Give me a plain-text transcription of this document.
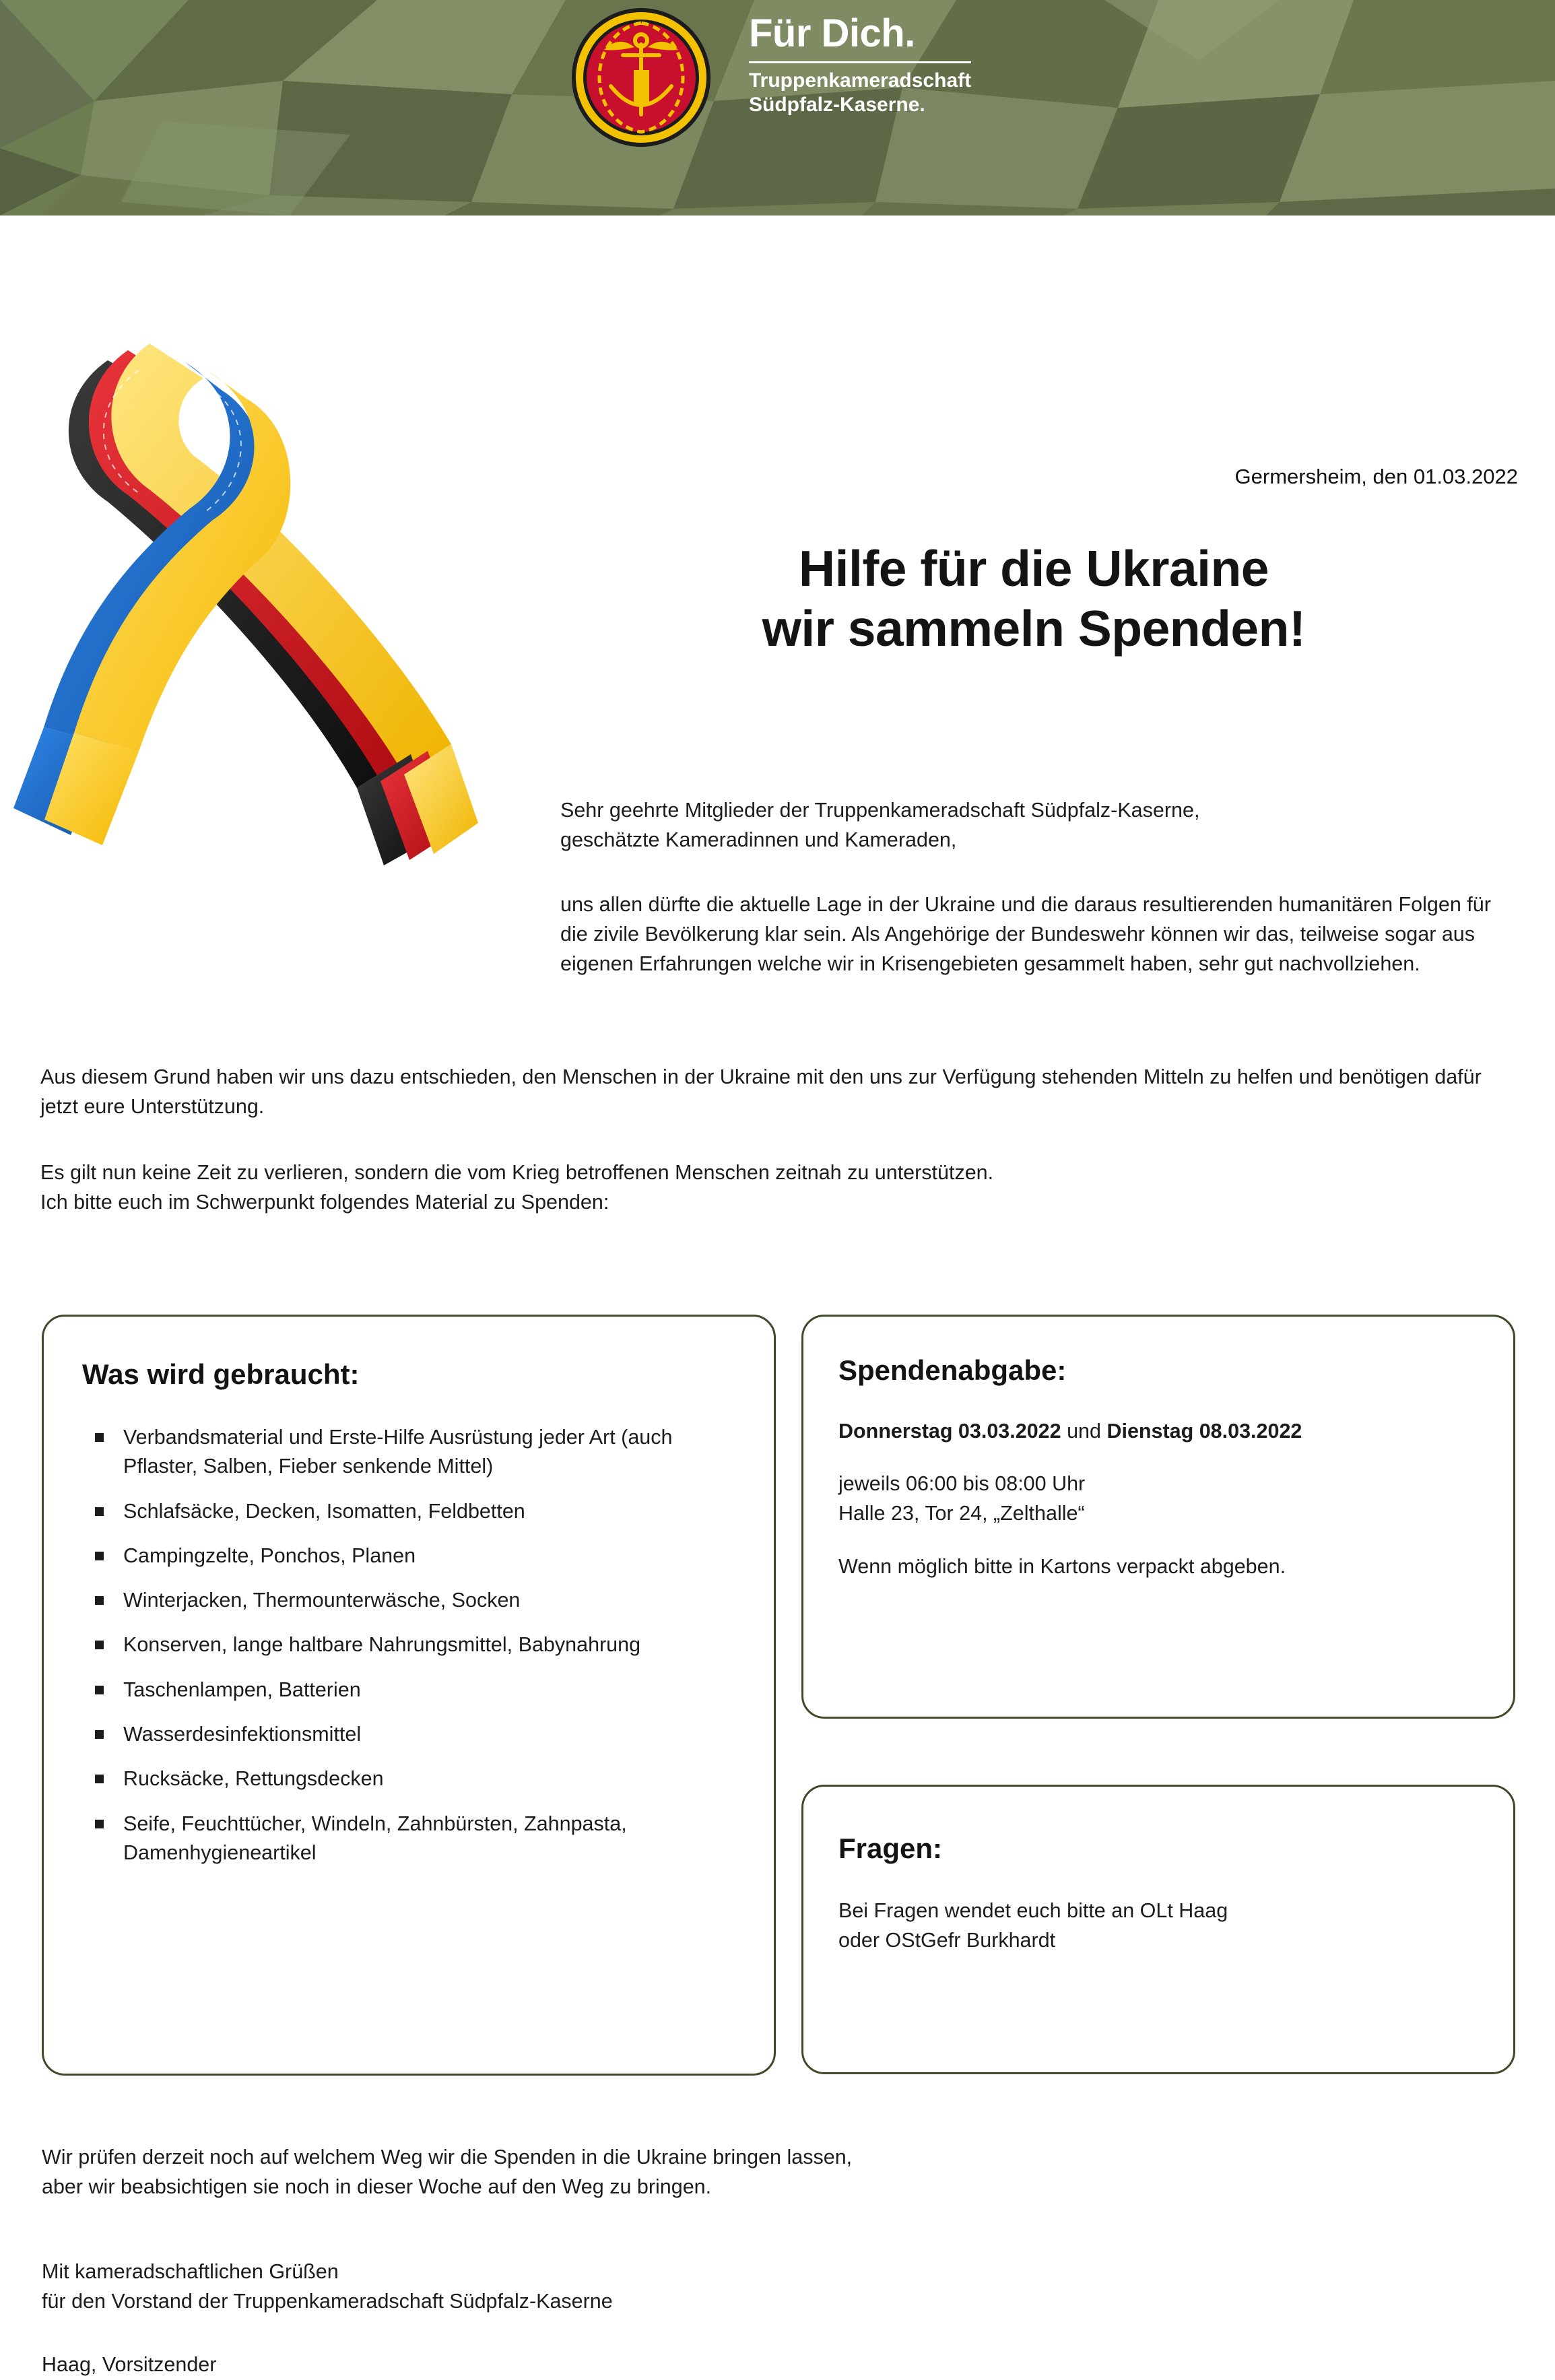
Für Dich.
Truppenkameradschaft
Südpfalz-Kaserne.
Germersheim, den 01.03.2022
Hilfe für die Ukraine
wir sammeln Spenden!
Sehr geehrte Mitglieder der Truppenkameradschaft Südpfalz-Kaserne,
geschätzte Kameradinnen und Kameraden,
uns allen dürfte die aktuelle Lage in der Ukraine und die daraus resultierenden humanitären Folgen für die zivile Bevölkerung klar sein. Als Angehörige der Bundeswehr können wir das, teilweise sogar aus eigenen Erfahrungen welche wir in Krisengebieten gesammelt haben, sehr gut nachvollziehen.
Aus diesem Grund haben wir uns dazu entschieden, den Menschen in der Ukraine mit den uns zur Verfügung stehenden Mitteln zu helfen und benötigen dafür jetzt eure Unterstützung.
Es gilt nun keine Zeit zu verlieren, sondern die vom Krieg betroffenen Menschen zeitnah zu unterstützen.
Ich bitte euch im Schwerpunkt folgendes Material zu Spenden:
Was wird gebraucht:
Verbandsmaterial und Erste-Hilfe Ausrüstung jeder Art (auch Pflaster, Salben, Fieber senkende Mittel)
Schlafsäcke, Decken, Isomatten, Feldbetten
Campingzelte, Ponchos, Planen
Winterjacken, Thermounterwäsche, Socken
Konserven, lange haltbare Nahrungsmittel, Babynahrung
Taschenlampen, Batterien
Wasserdesinfektionsmittel
Rucksäcke, Rettungsdecken
Seife, Feuchttücher, Windeln, Zahnbürsten, Zahnpasta, Damenhygieneartikel
Spendenabgabe:
Donnerstag 03.03.2022 und Dienstag 08.03.2022
jeweils 06:00 bis 08:00 Uhr
Halle 23, Tor 24, „Zelthalle“
Wenn möglich bitte in Kartons verpackt abgeben.
Fragen:
Bei Fragen wendet euch bitte an OLt Haag
oder OStGefr Burkhardt
Wir prüfen derzeit noch auf welchem Weg wir die Spenden in die Ukraine bringen lassen,
aber wir beabsichtigen sie noch in dieser Woche auf den Weg zu bringen.
Mit kameradschaftlichen Grüßen
für den Vorstand der Truppenkameradschaft Südpfalz-Kaserne
Haag, Vorsitzender
